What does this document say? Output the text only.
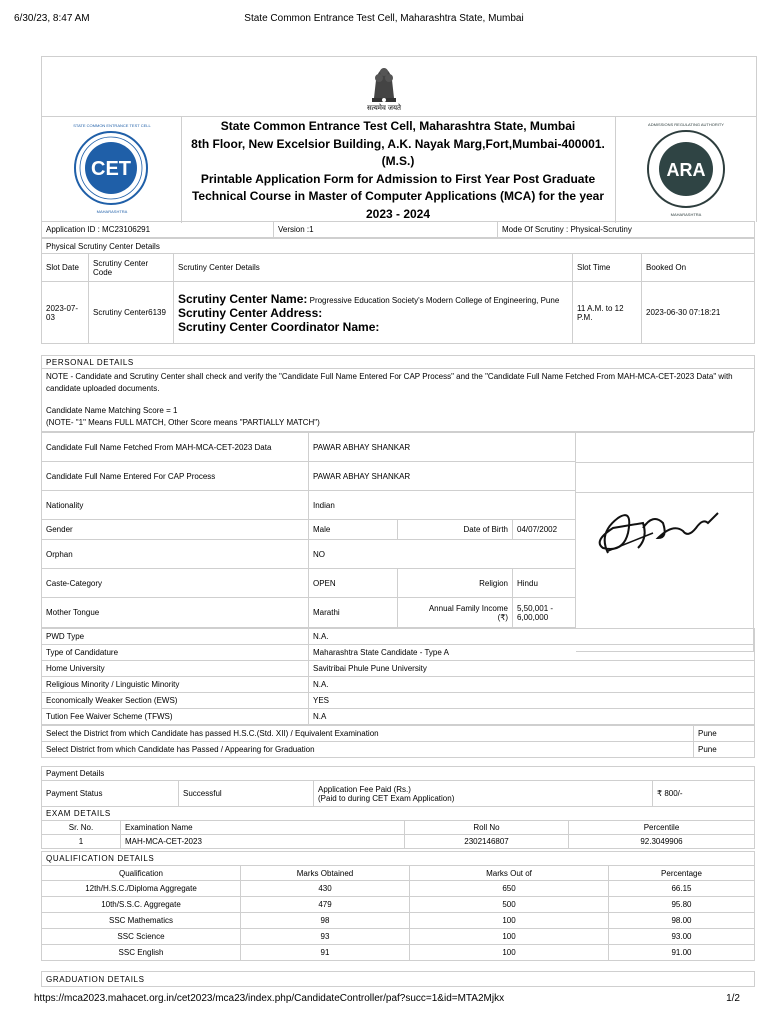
6/30/23, 8:47 AM	State Common Entrance Test Cell, Maharashtra State, Mumbai
सत्यमेव जयते
CET
STATE COMMON ENTRANCE TEST CELL
MAHARASHTRA
State Common Entrance Test Cell, Maharashtra State, Mumbai
8th Floor, New Excelsior Building, A.K. Nayak Marg,Fort,Mumbai-400001.
(M.S.)
Printable Application Form for Admission to First Year Post Graduate Technical Course in Master of Computer Applications (MCA) for the year
2023 - 2024
ARA
ADMISSIONS REGULATING AUTHORITY
MAHARASHTRA
Application ID : MC23106291	Version :1	Mode Of Scrutiny : Physical-Scrutiny
Physical Scrutiny Center Details				
Slot Date	Scrutiny Center Code	Scrutiny Center Details	Slot Time	Booked On
2023-07-03	Scrutiny Center6139	Scrutiny Center Name: Progressive Education Society's Modern College of Engineering, Pune
Scrutiny Center Address:
Scrutiny Center Coordinator Name:	11 A.M. to 12 P.M.	2023-06-30 07:18:21
PERSONAL DETAILS

NOTE - Candidate and Scrutiny Center shall check and verify the "Candidate Full Name Entered For CAP Process" and the "Candidate Full Name Fetched From MAH-MCA-CET-2023 Data" with candidate uploaded documents.
Candidate Name Matching Score = 1
(NOTE- "1" Means FULL MATCH, Other Score means "PARTIALLY MATCH")
Candidate Full Name Fetched From MAH-MCA-CET-2023 Data	PAWAR ABHAY SHANKAR		
Candidate Full Name Entered For CAP Process	PAWAR ABHAY SHANKAR		
Nationality	Indian		
Gender	Male	Date of Birth	04/07/2002
Orphan	NO		
Caste-Category	OPEN	Religion	Hindu
Mother Tongue	Marathi	Annual Family Income
(₹)	5,50,001 - 6,00,000
PWD Type	N.A.
Type of Candidature	Maharashtra State Candidate - Type A
Home University	Savitribai Phule Pune University
Religious Minority / Linguistic Minority	N.A.
Economically Weaker Section (EWS)	YES
Tution Fee Waiver Scheme (TFWS)	N.A
Select the District from which Candidate has passed H.S.C.(Std. XII) / Equivalent Examination	Pune
Select District from which Candidate has Passed / Appearing for Graduation	Pune
Payment Details
Payment Status	Successful	Application Fee Paid (Rs.)
(Paid to during CET Exam Application)	₹ 800/-
EXAM DETAILS			
Sr. No.	Examination Name	Roll No	Percentile
1	MAH-MCA-CET-2023	2302146807	92.3049906
QUALIFICATION DETAILS			
Qualification	Marks Obtained	Marks Out of	Percentage
12th/H.S.C./Diploma Aggregate	430	650	66.15
10th/S.S.C. Aggregate	479	500	95.80
SSC Mathematics	98	100	98.00
SSC Science	93	100	93.00
SSC English	91	100	91.00
GRADUATION DETAILS
https://mca2023.mahacet.org.in/cet2023/mca23/index.php/CandidateController/paf?succ=1&id=MTA2Mjkx	1/2
